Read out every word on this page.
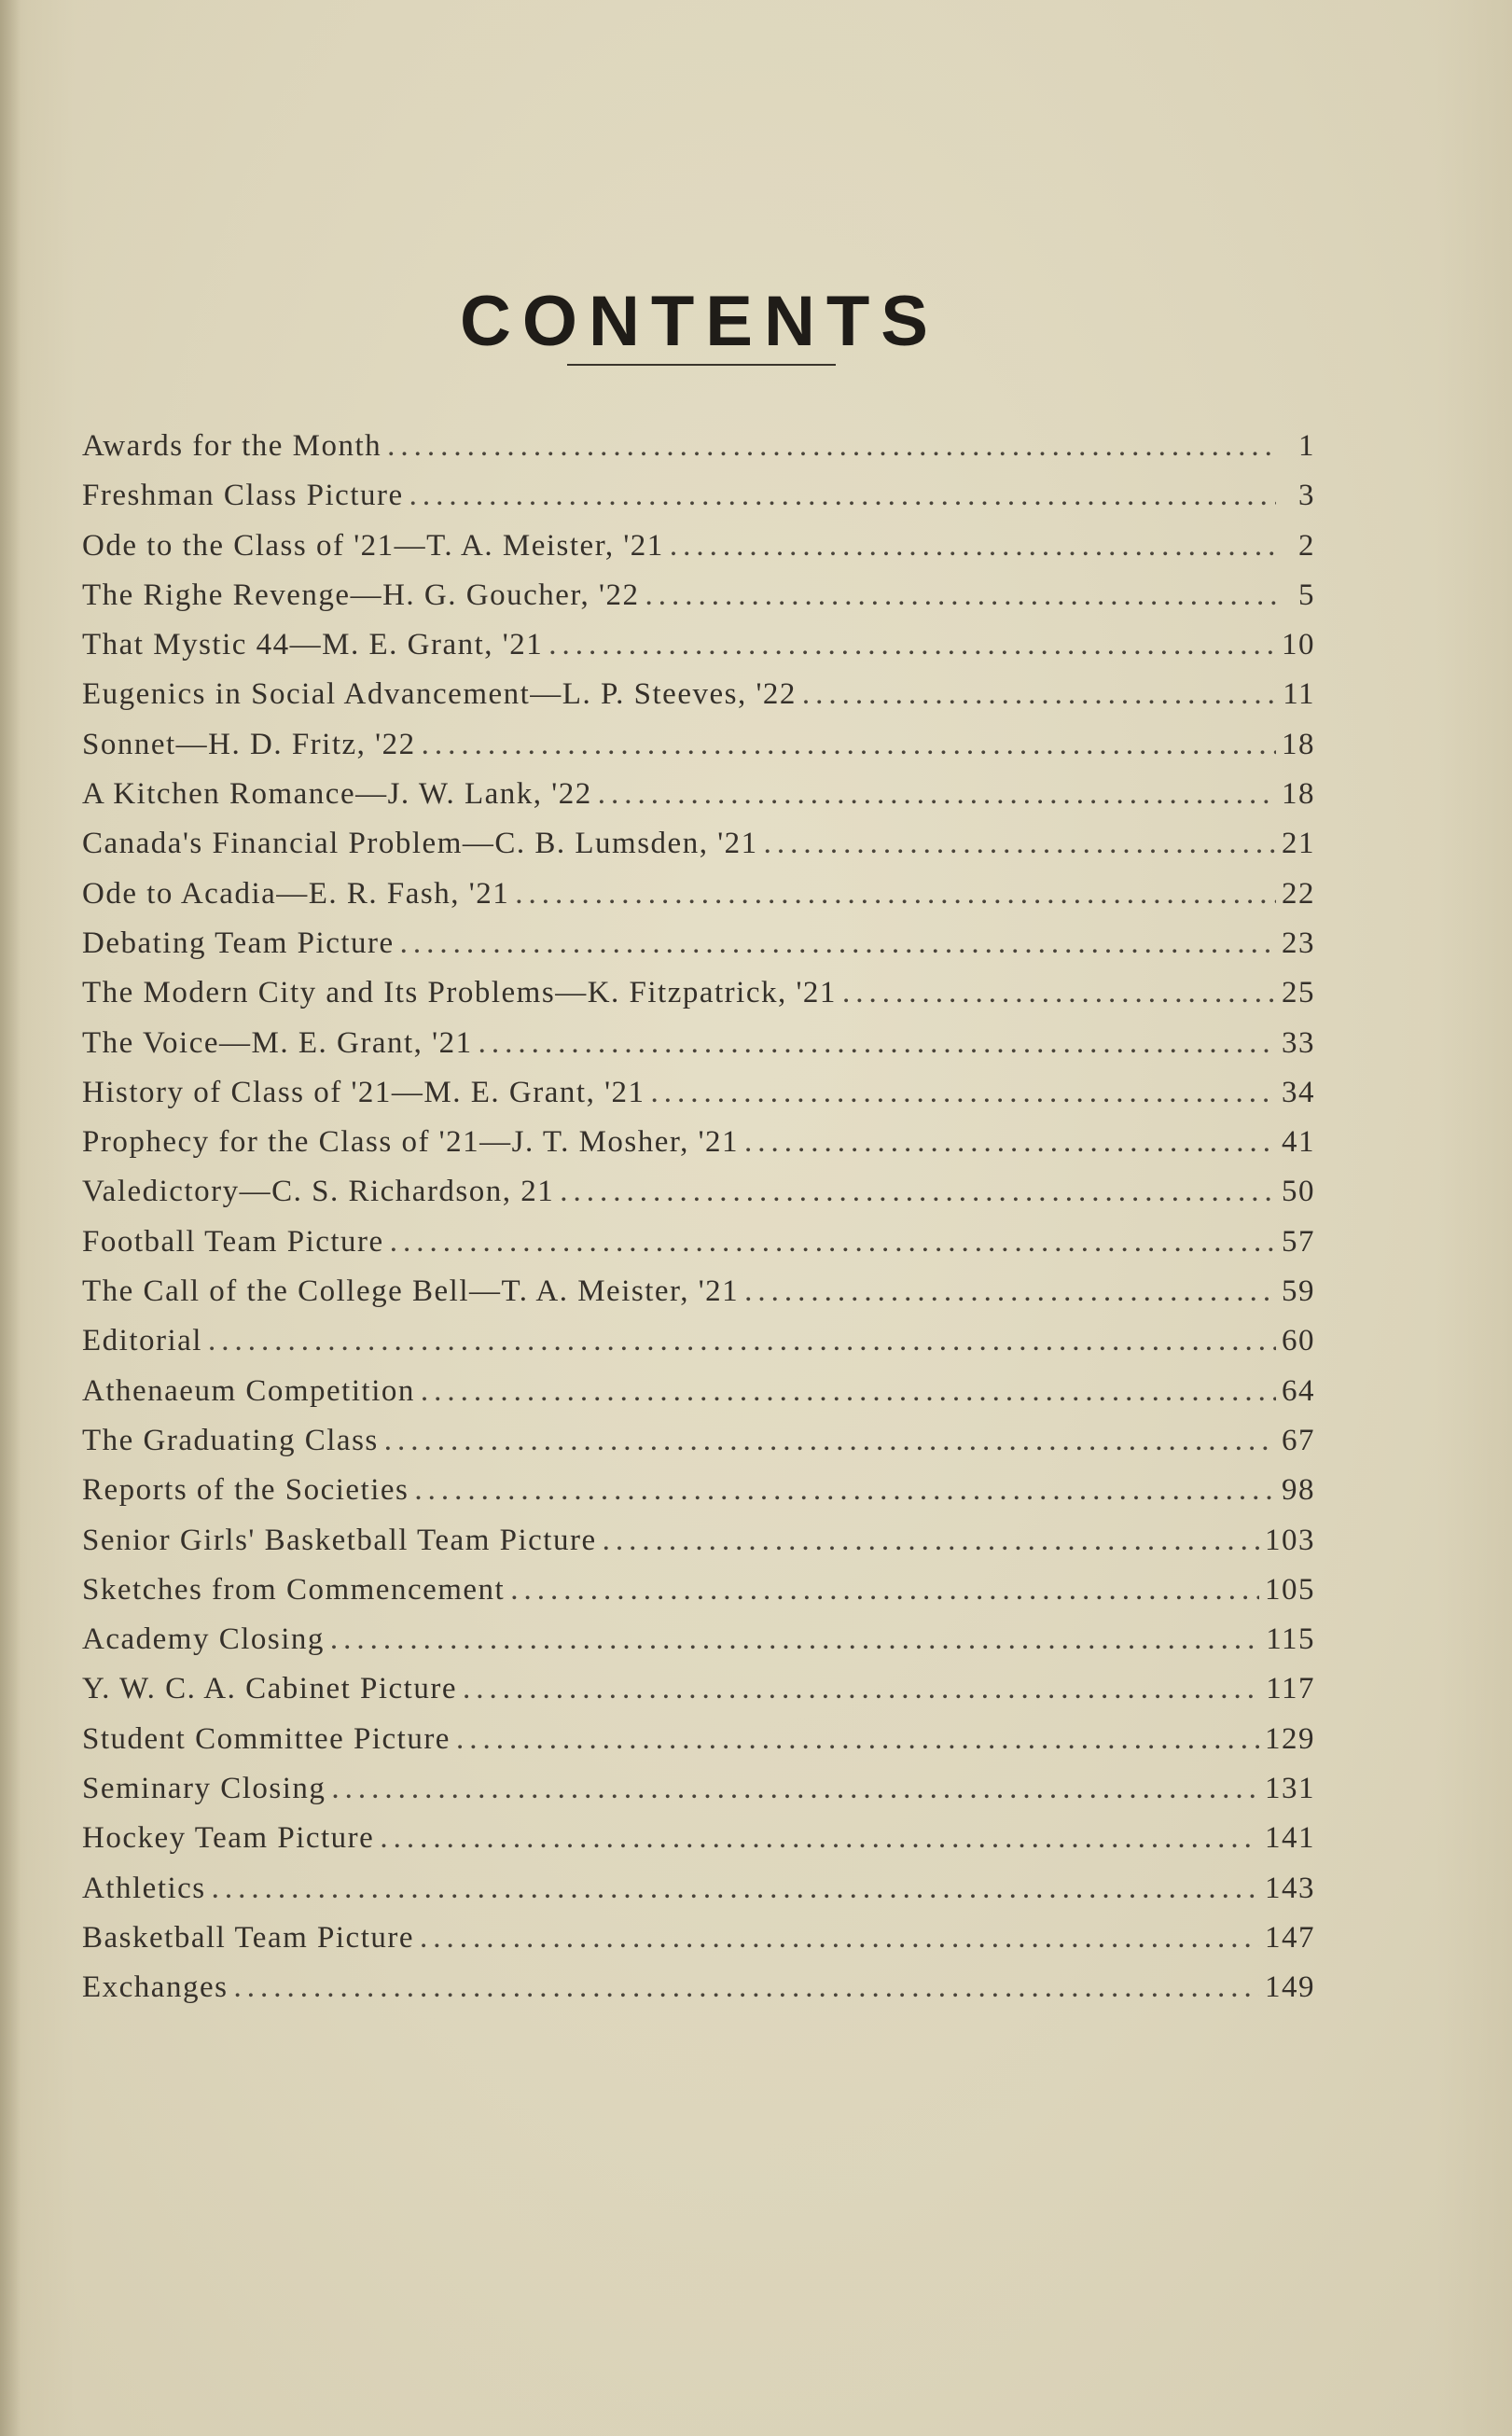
CONTENTS
Awards for the Month .....	1
Freshman Class Picture .....	3
Ode to the Class of '21—T. A. Meister, '21 .....	2
The Righe Revenge—H. G. Goucher, '22 .....	5
That Mystic 44—M. E. Grant, '21 .....	10
Eugenics in Social Advancement—L. P. Steeves, '22 .....	11
Sonnet—H. D. Fritz, '22 .....	18
A Kitchen Romance—J. W. Lank, '22 .....	18
Canada's Financial Problem—C. B. Lumsden, '21 .....	21
Ode to Acadia—E. R. Fash, '21 .....	22
Debating Team Picture .....	23
The Modern City and Its Problems—K. Fitzpatrick, '21 .....	25
The Voice—M. E. Grant, '21 .....	33
History of Class of '21—M. E. Grant, '21 .....	34
Prophecy for the Class of '21—J. T. Mosher, '21 .....	41
Valedictory—C. S. Richardson, 21 .....	50
Football Team Picture .....	57
The Call of the College Bell—T. A. Meister, '21 .....	59
Editorial .....	60
Athenaeum Competition .....	64
The Graduating Class .....	67
Reports of the Societies .....	98
Senior Girls' Basketball Team Picture .....	103
Sketches from Commencement .....	105
Academy Closing .....	115
Y. W. C. A. Cabinet Picture .....	117
Student Committee Picture .....	129
Seminary Closing .....	131
Hockey Team Picture .....	141
Athletics .....	143
Basketball Team Picture .....	147
Exchanges .....	149
